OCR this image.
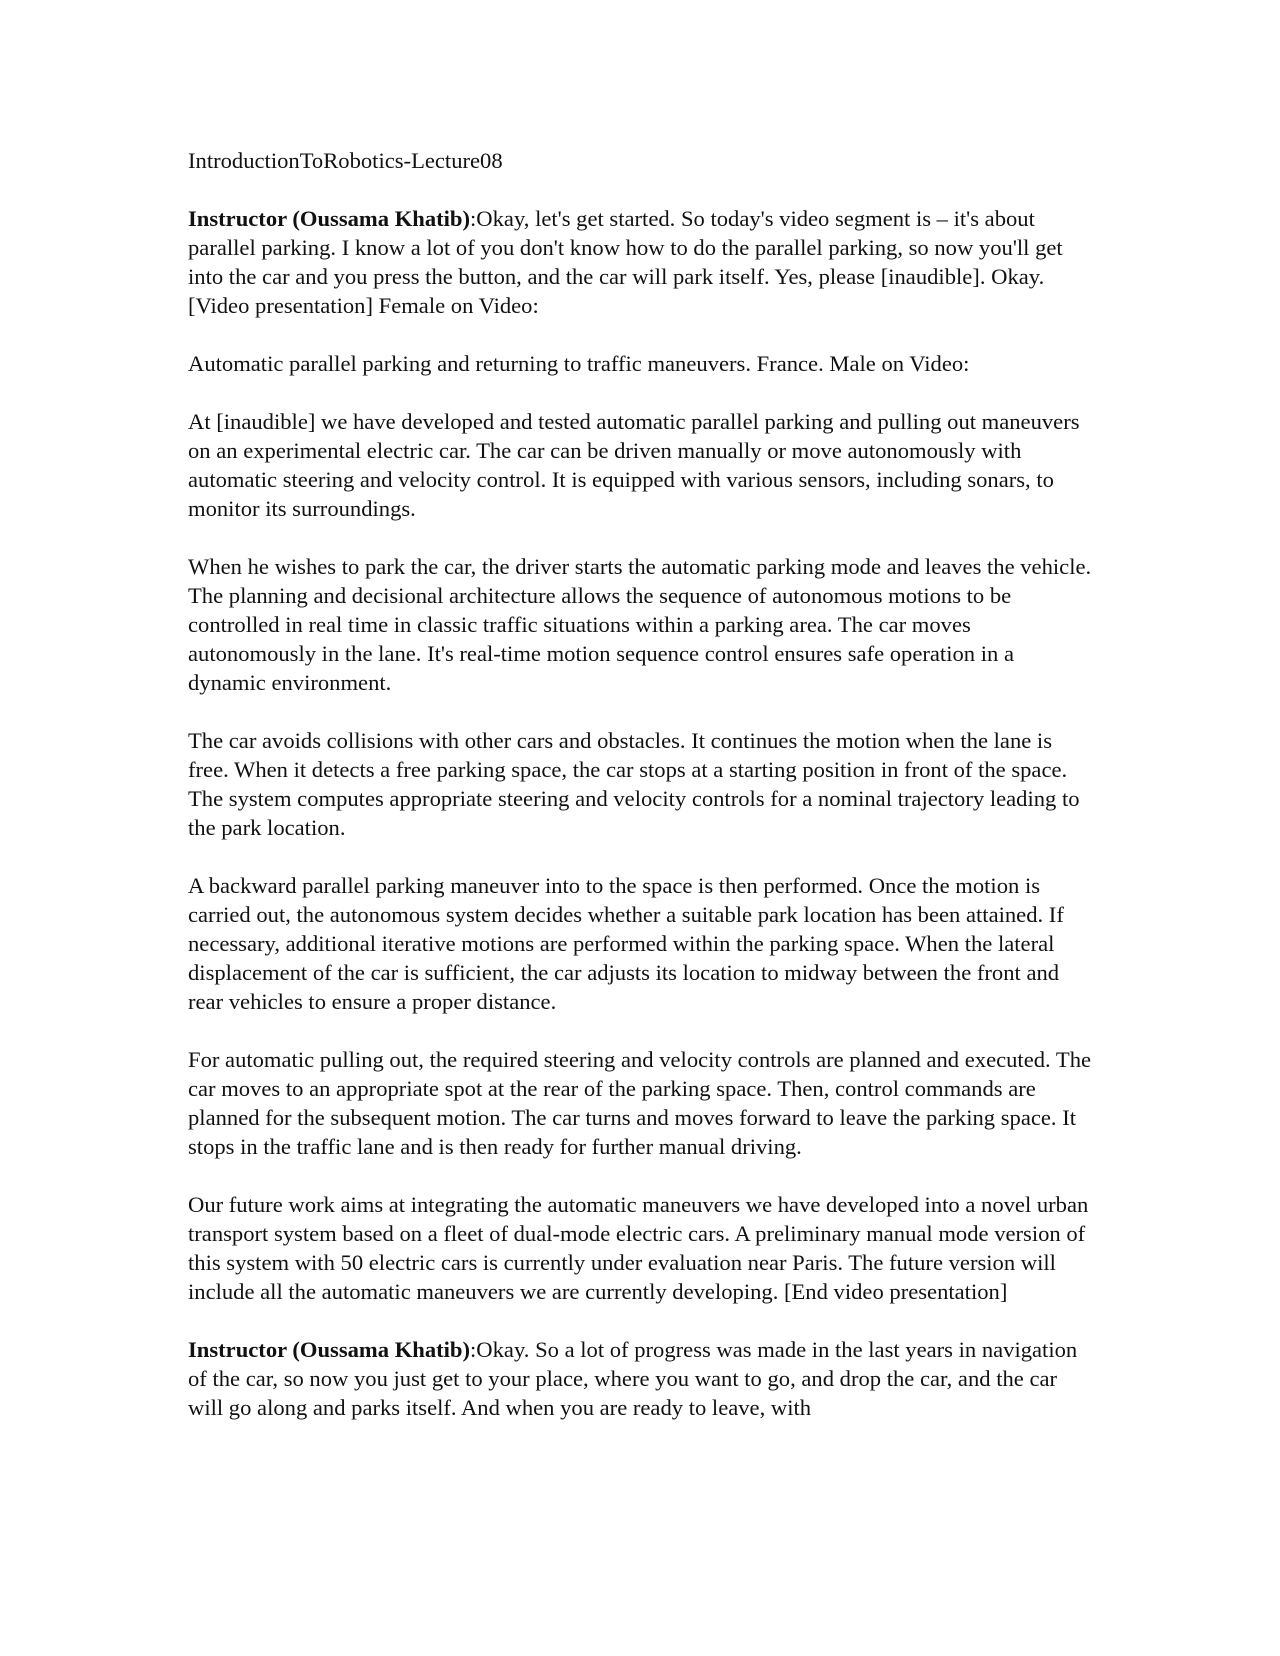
IntroductionToRobotics-Lecture08

Instructor (Oussama Khatib):Okay, let's get started. So today's video segment is – it's about parallel parking. I know a lot of you don't know how to do the parallel parking, so now you'll get into the car and you press the button, and the car will park itself. Yes, please [inaudible]. Okay. [Video presentation] Female on Video:

Automatic parallel parking and returning to traffic maneuvers. France. Male on Video:

At [inaudible] we have developed and tested automatic parallel parking and pulling out maneuvers on an experimental electric car. The car can be driven manually or move autonomously with automatic steering and velocity control. It is equipped with various sensors, including sonars, to monitor its surroundings.

When he wishes to park the car, the driver starts the automatic parking mode and leaves the vehicle. The planning and decisional architecture allows the sequence of autonomous motions to be controlled in real time in classic traffic situations within a parking area. The car moves autonomously in the lane. It's real-time motion sequence control ensures safe operation in a dynamic environment.

The car avoids collisions with other cars and obstacles. It continues the motion when the lane is free. When it detects a free parking space, the car stops at a starting position in front of the space. The system computes appropriate steering and velocity controls for a nominal trajectory leading to the park location.

A backward parallel parking maneuver into to the space is then performed. Once the motion is carried out, the autonomous system decides whether a suitable park location has been attained. If necessary, additional iterative motions are performed within the parking space. When the lateral displacement of the car is sufficient, the car adjusts its location to midway between the front and rear vehicles to ensure a proper distance.

For automatic pulling out, the required steering and velocity controls are planned and executed. The car moves to an appropriate spot at the rear of the parking space. Then, control commands are planned for the subsequent motion. The car turns and moves forward to leave the parking space. It stops in the traffic lane and is then ready for further manual driving.

Our future work aims at integrating the automatic maneuvers we have developed into a novel urban transport system based on a fleet of dual-mode electric cars. A preliminary manual mode version of this system with 50 electric cars is currently under evaluation near Paris. The future version will include all the automatic maneuvers we are currently developing. [End video presentation]

Instructor (Oussama Khatib):Okay. So a lot of progress was made in the last years in navigation of the car, so now you just get to your place, where you want to go, and drop the car, and the car will go along and parks itself. And when you are ready to leave, with
